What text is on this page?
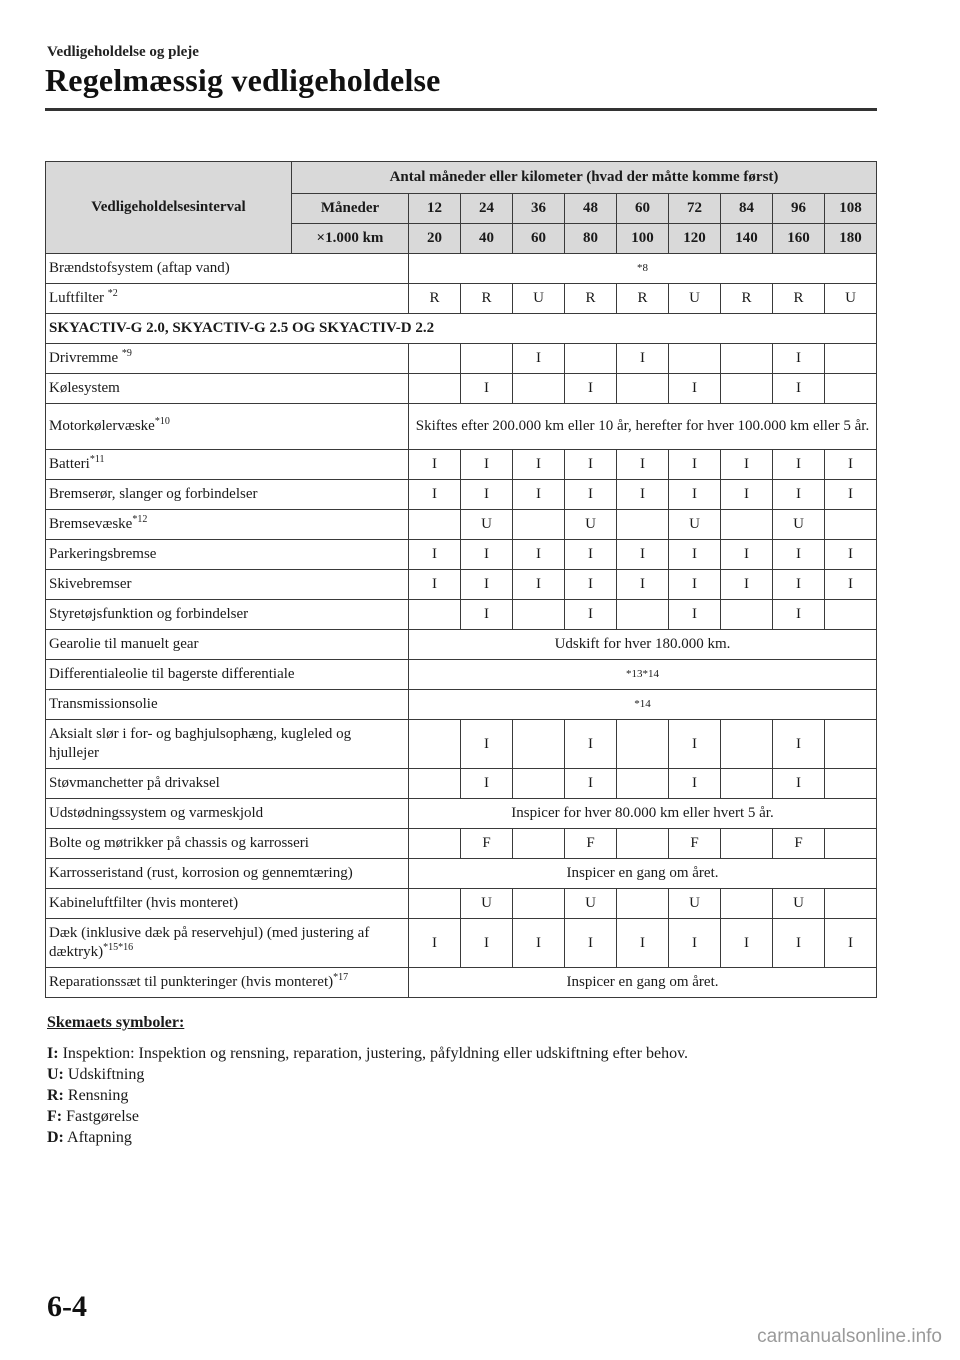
Vedligeholdelse og pleje
Regelmæssig vedligeholdelse
Vedligeholdelsesinterval	Antal måneder eller kilometer (hvad der måtte komme først)									
	Måneder	12	24	36	48	60	72	84	96	108
	×1.000 km	20	40	60	80	100	120	140	160	180
Brændstofsystem (aftap vand)		*8								
Luftfilter $^{*2}$		R	R	U	R	R	U	R	R	U
SKYACTIV-G 2.0, SKYACTIV-G 2.5 OG SKYACTIV-D 2.2										
Drivremme $^{*9}$				I		I			I	
Kølesystem			I		I		I		I	
Motorkølervæske$^{*10}$		Skiftes efter 200.000 km eller 10 år, herefter for hver 100.000 km eller 5 år.								
Batteri$^{*11}$		I	I	I	I	I	I	I	I	I
Bremserør, slanger og forbindelser		I	I	I	I	I	I	I	I	I
Bremsevæske$^{*12}$			U		U		U		U	
Parkeringsbremse		I	I	I	I	I	I	I	I	I
Skivebremser		I	I	I	I	I	I	I	I	I
Styretøjsfunktion og forbindelser			I		I		I		I	
Gearolie til manuelt gear		Udskift for hver 180.000 km.								
Differentialeolie til bagerste differentiale		*13*14								
Transmissionsolie		*14								
Aksialt slør i for- og baghjulsophæng, kugleled og hjullejer			I		I		I		I	
Støvmanchetter på drivaksel			I		I		I		I	
Udstødningssystem og varmeskjold		Inspicer for hver 80.000 km eller hvert 5 år.								
Bolte og møtrikker på chassis og karrosseri			F		F		F		F	
Karrosseristand (rust, korrosion og gennemtæring)		Inspicer en gang om året.								
Kabineluftfilter (hvis monteret)			U		U		U		U	
Dæk (inklusive dæk på reservehjul) (med justering af dæktryk)$^{*15*16}$		I	I	I	I	I	I	I	I	I
Reparationssæt til punkteringer (hvis monteret)$^{*17}$		Inspicer en gang om året.								
Skemaets symboler:
I: Inspektion: Inspektion og rensning, reparation, justering, påfyldning eller udskiftning efter behov.
U: Udskiftning
R: Rensning
F: Fastgørelse
D: Aftapning
6-4
carmanualsonline.info
